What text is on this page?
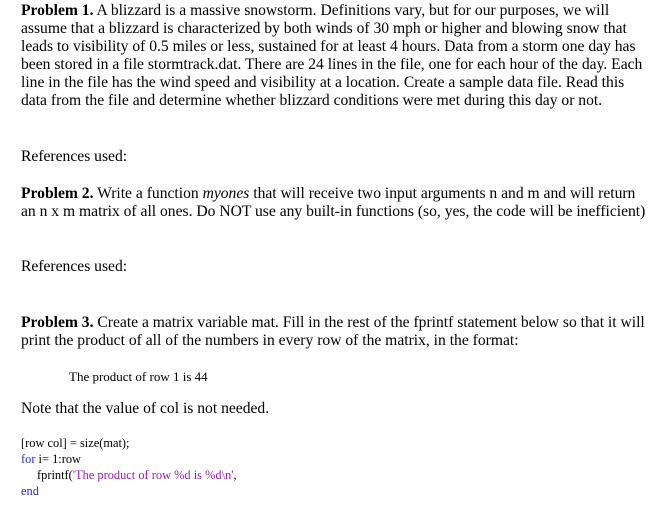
Problem 1. A blizzard is a massive snowstorm. Definitions vary, but for our purposes, we will assume that a blizzard is characterized by both winds of 30 mph or higher and blowing snow that leads to visibility of 0.5 miles or less, sustained for at least 4 hours. Data from a storm one day has been stored in a file stormtrack.dat. There are 24 lines in the file, one for each hour of the day. Each line in the file has the wind speed and visibility at a location. Create a sample data file. Read this data from the file and determine whether blizzard conditions were met during this day or not.

References used:

Problem 2. Write a function myones that will receive two input arguments n and m and will return an n x m matrix of all ones. Do NOT use any built-in functions (so, yes, the code will be inefficient)

References used:

Problem 3. Create a matrix variable mat. Fill in the rest of the fprintf statement below so that it will print the product of all of the numbers in every row of the matrix, in the format:

The product of row 1 is 44

Note that the value of col is not needed.

[row col] = size(mat);
for i= 1:row
fprintf('The product of row %d is %d\n',
end
